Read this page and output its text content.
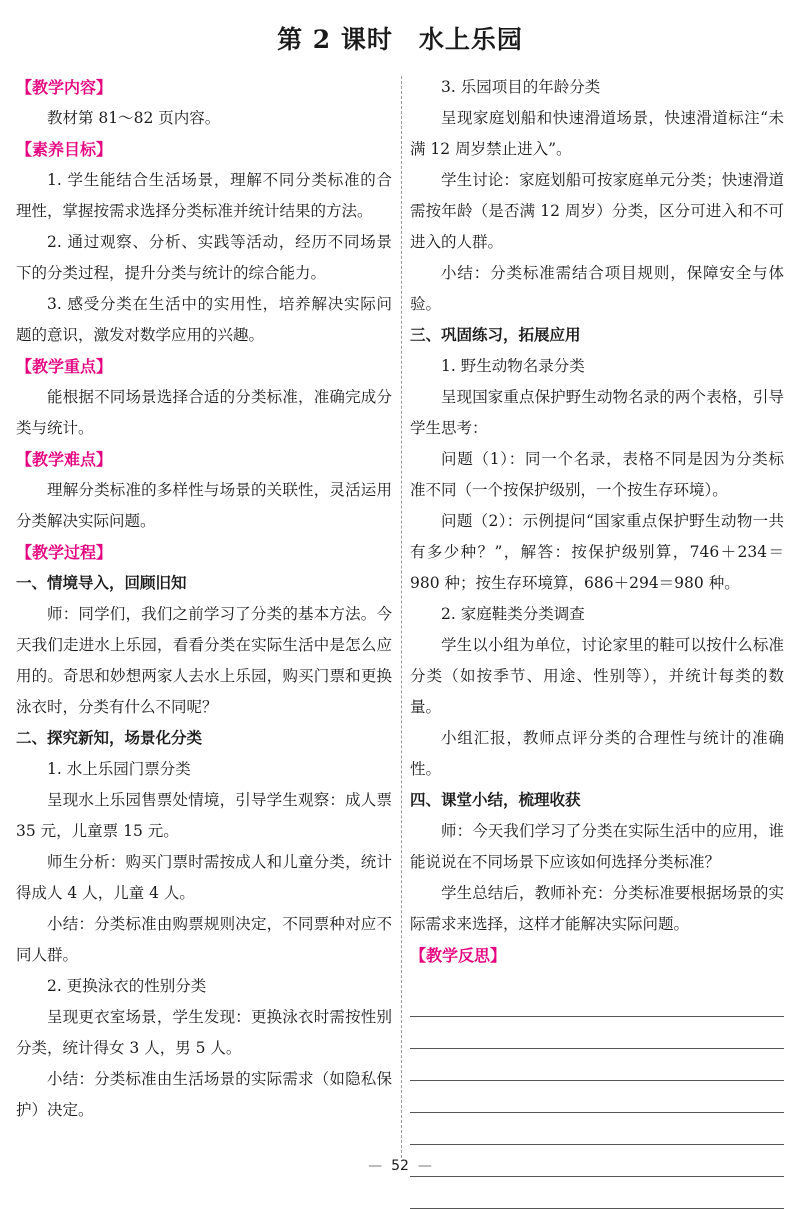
第 2 课时　水上乐园
【教学内容】

教材第 81～82 页内容。

【素养目标】

1. 学生能结合生活场景，理解不同分类标准的合理性，掌握按需求选择分类标准并统计结果的方法。

2. 通过观察、分析、实践等活动，经历不同场景下的分类过程，提升分类与统计的综合能力。

3. 感受分类在生活中的实用性，培养解决实际问题的意识，激发对数学应用的兴趣。

【教学重点】

能根据不同场景选择合适的分类标准，准确完成分类与统计。

【教学难点】

理解分类标准的多样性与场景的关联性，灵活运用分类解决实际问题。

【教学过程】
一、情境导入，回顾旧知

师：同学们，我们之前学习了分类的基本方法。今天我们走进水上乐园，看看分类在实际生活中是怎么应用的。奇思和妙想两家人去水上乐园，购买门票和更换泳衣时，分类有什么不同呢？

二、探究新知，场景化分类

1. 水上乐园门票分类

呈现水上乐园售票处情境，引导学生观察：成人票 35 元，儿童票 15 元。

师生分析：购买门票时需按成人和儿童分类，统计得成人 4 人，儿童 4 人。

小结：分类标准由购票规则决定，不同票种对应不同人群。

2. 更换泳衣的性别分类

呈现更衣室场景，学生发现：更换泳衣时需按性别分类，统计得女 3 人，男 5 人。

小结：分类标准由生活场景的实际需求（如隐私保护）决定。

3. 乐园项目的年龄分类

呈现家庭划船和快速滑道场景，快速滑道标注“未满 12 周岁禁止进入”。

学生讨论：家庭划船可按家庭单元分类；快速滑道需按年龄（是否满 12 周岁）分类，区分可进入和不可进入的人群。

小结：分类标准需结合项目规则，保障安全与体验。

三、巩固练习，拓展应用

1. 野生动物名录分类

呈现国家重点保护野生动物名录的两个表格，引导学生思考：

问题（1）：同一个名录，表格不同是因为分类标准不同（一个按保护级别，一个按生存环境）。

问题（2）：示例提问“国家重点保护野生动物一共有多少种？”，解答：按保护级别算，746＋234＝980 种；按生存环境算，686＋294＝980 种。

2. 家庭鞋类分类调查

学生以小组为单位，讨论家里的鞋可以按什么标准分类（如按季节、用途、性别等），并统计每类的数量。

小组汇报，教师点评分类的合理性与统计的准确性。

四、课堂小结，梳理收获

师：今天我们学习了分类在实际生活中的应用，谁能说说在不同场景下应该如何选择分类标准？

学生总结后，教师补充：分类标准要根据场景的实际需求来选择，这样才能解决实际问题。

【教学反思】
— 52 —
